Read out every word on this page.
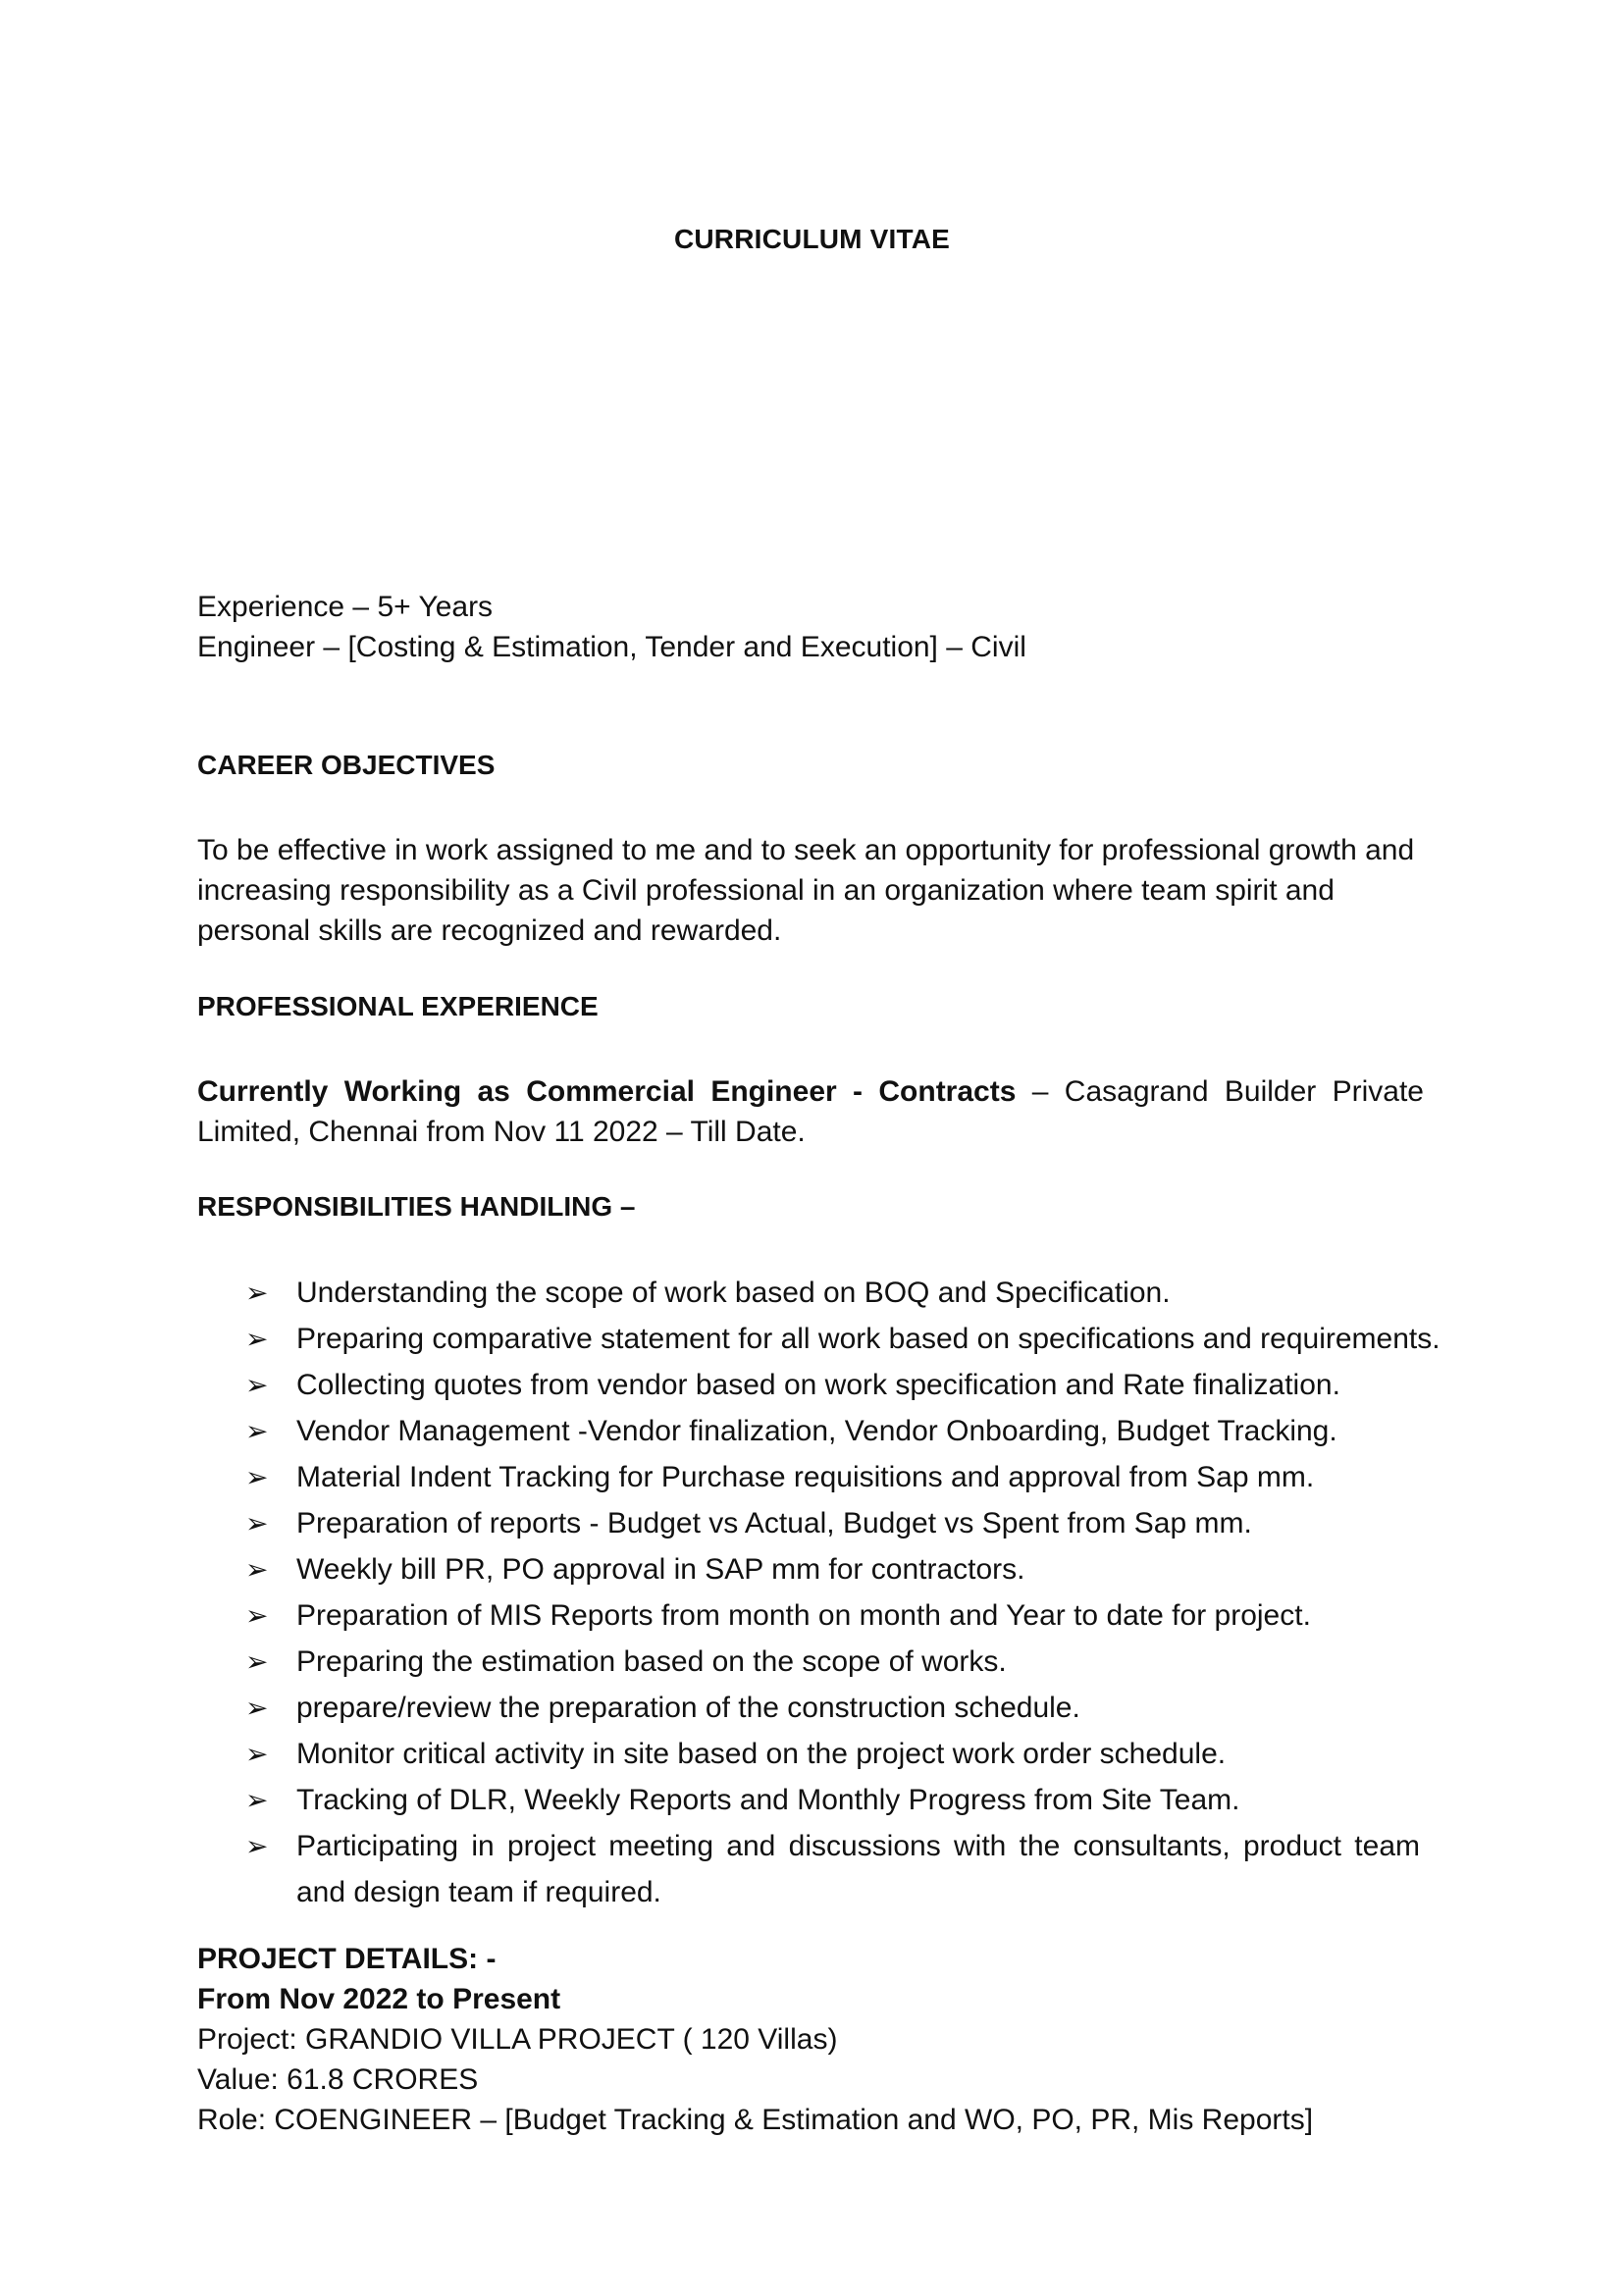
CURRICULUM VITAE
Experience – 5+ Years
Engineer – [Costing & Estimation, Tender and Execution] – Civil
CAREER OBJECTIVES
To be effective in work assigned to me and to seek an opportunity for professional growth and increasing responsibility as a Civil professional in an organization where team spirit and personal skills are recognized and rewarded.
PROFESSIONAL EXPERIENCE
Currently Working as Commercial Engineer - Contracts – Casagrand Builder Private
Limited, Chennai from Nov 11 2022 – Till Date.
RESPONSIBILITIES HANDILING –
➢ Understanding the scope of work based on BOQ and Specification.
➢ Preparing comparative statement for all work based on specifications and requirements.
➢ Collecting quotes from vendor based on work specification and Rate finalization.
➢ Vendor Management -Vendor finalization, Vendor Onboarding, Budget Tracking.
➢ Material Indent Tracking for Purchase requisitions and approval from Sap mm.
➢ Preparation of reports - Budget vs Actual, Budget vs Spent from Sap mm.
➢ Weekly bill PR, PO approval in SAP mm for contractors.
➢ Preparation of MIS Reports from month on month and Year to date for project.
➢ Preparing the estimation based on the scope of works.
➢ prepare/review the preparation of the construction schedule.
➢ Monitor critical activity in site based on the project work order schedule.
➢ Tracking of DLR, Weekly Reports and Monthly Progress from Site Team.
➢ Participating in project meeting and discussions with the consultants, product team and design team if required.
PROJECT DETAILS: -
From Nov 2022 to Present
Project: GRANDIO VILLA PROJECT ( 120 Villas)
Value: 61.8 CRORES
Role: COENGINEER – [Budget Tracking & Estimation and WO, PO, PR, Mis Reports]
